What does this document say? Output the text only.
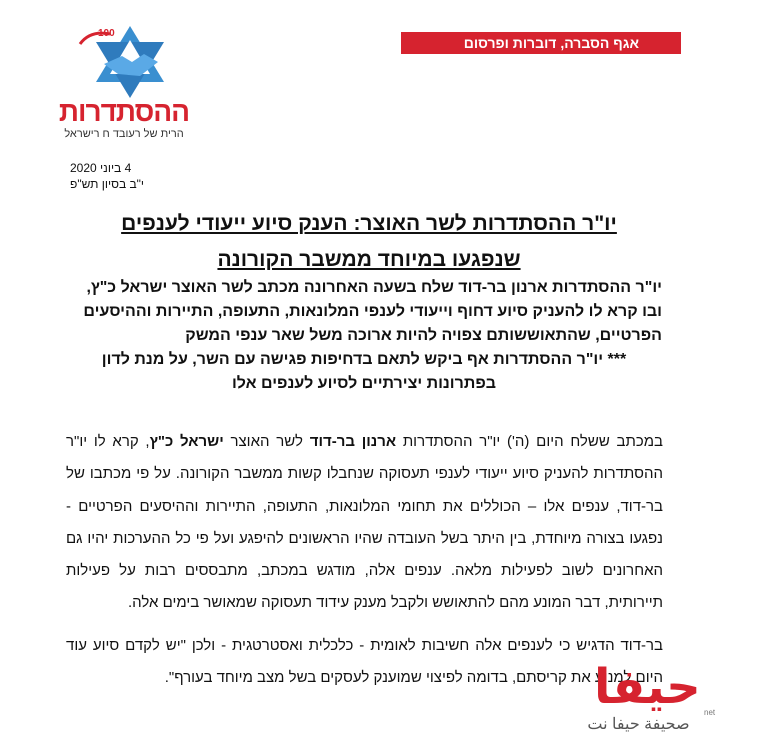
100
ההסתדרות
הרית של רעובד ח רישראל
אגף הסברה, דוברות ופרסום
4 ביוני 2020
י"ב בסיון תש"פ
יו"ר ההסתדרות לשר האוצר: הענק סיוע ייעודי לענפים
שנפגעו במיוחד ממשבר הקורונה

יו"ר ההסתדרות ארנון בר-דוד שלח בשעה האחרונה מכתב לשר האוצר ישראל כ"ץ, ובו קרא לו להעניק סיוע דחוף וייעודי לענפי המלונאות, התעופה, התיירות וההיסעים הפרטיים, שהתאוששותם צפויה להיות ארוכה משל שאר ענפי המשק

*** יו"ר ההסתדרות אף ביקש לתאם בדחיפות פגישה עם השר, על מנת לדון בפתרונות יצירתיים לסיוע לענפים אלו

במכתב ששלח היום (ה') יו"ר ההסתדרות ארנון בר-דוד לשר האוצר ישראל כ"ץ, קרא לו יו"ר ההסתדרות להעניק סיוע ייעודי לענפי תעסוקה שנחבלו קשות ממשבר הקורונה. על פי מכתבו של בר-דוד, ענפים אלו – הכוללים את תחומי המלונאות, התעופה, התיירות וההיסעים הפרטיים - נפגעו בצורה מיוחדת, בין היתר בשל העובדה שהיו הראשונים להיפגע ועל פי כל ההערכות יהיו גם האחרונים לשוב לפעילות מלאה. ענפים אלה, מודגש במכתב, מתבססים רבות על פעילות תיירותית, דבר המונע מהם להתאושש ולקבל מענק עידוד תעסוקה שמאושר בימים אלה.

בר-דוד הדגיש כי לענפים אלה חשיבות לאומית - כלכלית ואסטרטגית - ולכן "יש לקדם סיוע עוד היום למנוע את קריסתם, בדומה לפיצוי שמוענק לעסקים בשל מצב מיוחד בעורף".

حيفا net
صحيفة حيفا نت
